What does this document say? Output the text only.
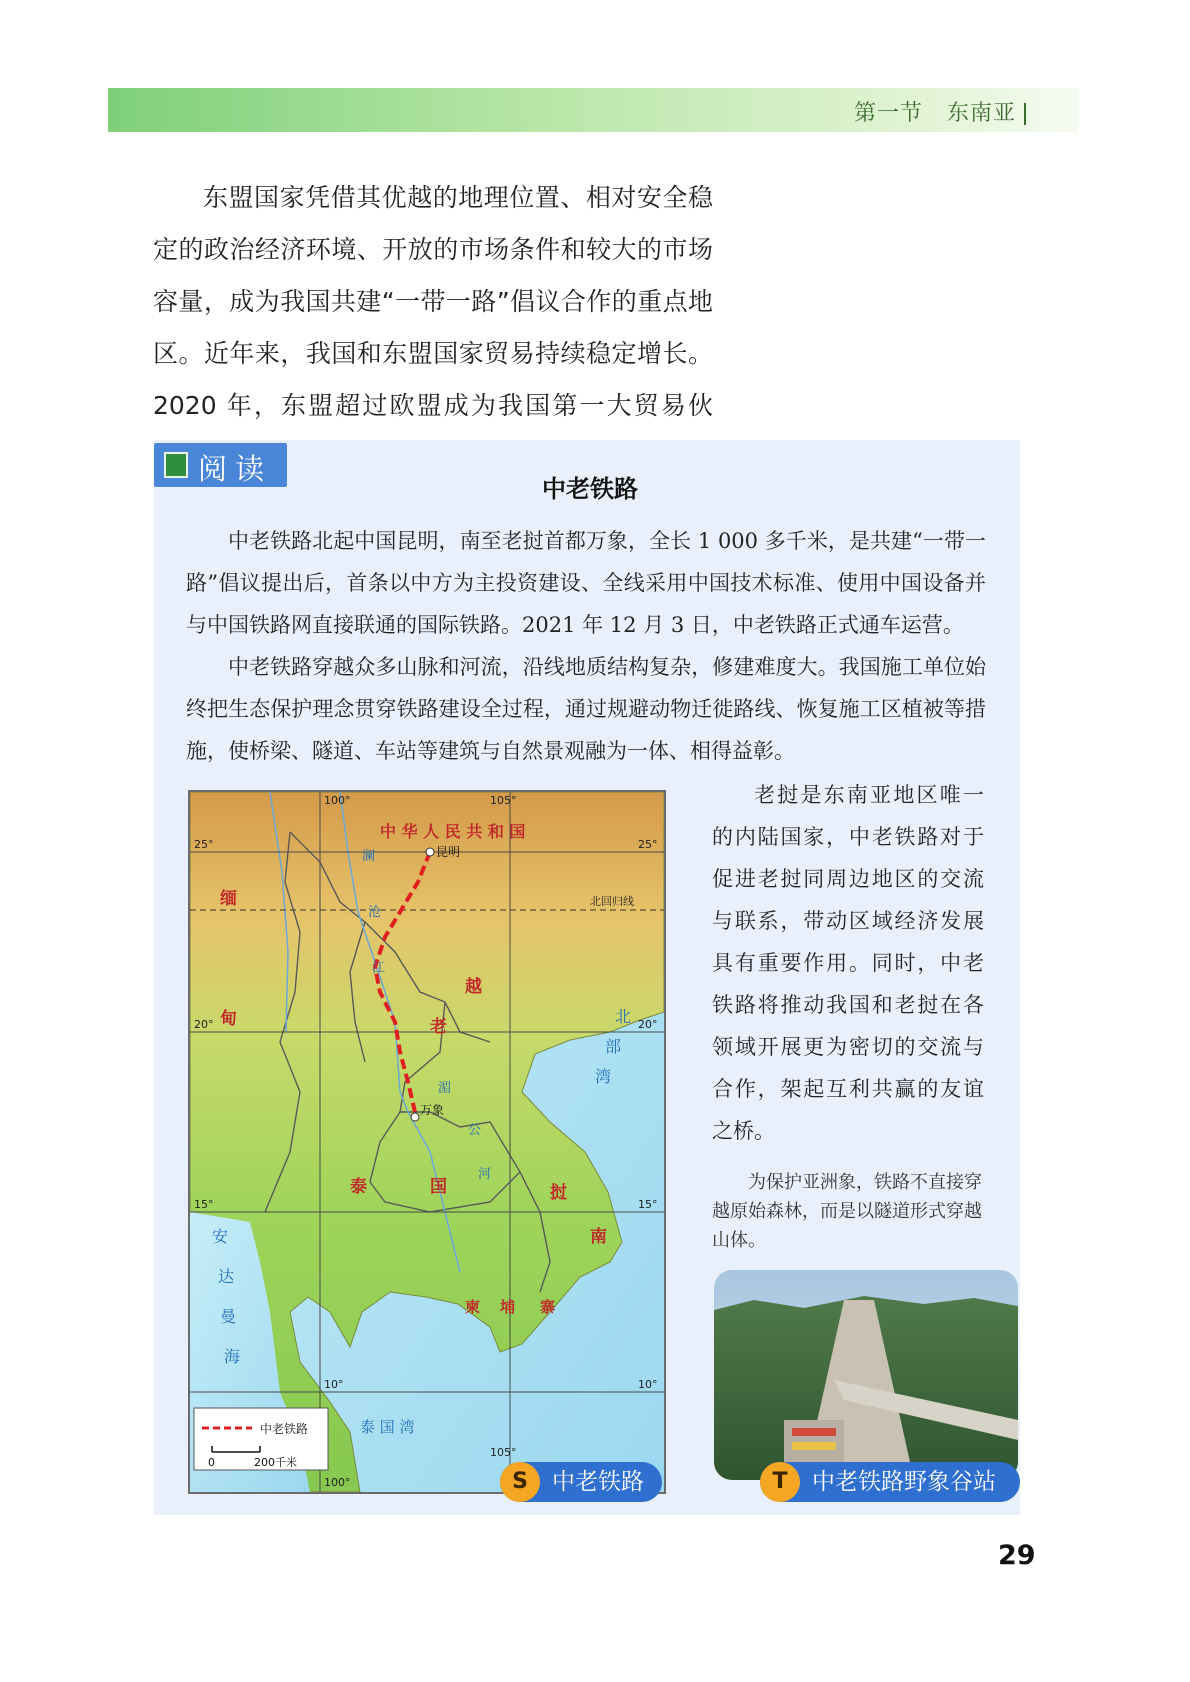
第一节 东南亚

东盟国家凭借其优越的地理位置、相对安全稳定的政治经济环境、开放的市场条件和较大的市场容量，成为我国共建“一带一路”倡议合作的重点地区。近年来，我国和东盟国家贸易持续稳定增长。2020 年，东盟超过欧盟成为我国第一大贸易伙

阅读
中老铁路

中老铁路北起中国昆明，南至老挝首都万象，全长 1 000 多千米，是共建“一带一路”倡议提出后，首条以中方为主投资建设、全线采用中国技术标准、使用中国设备并与中国铁路网直接联通的国际铁路。2021 年 12 月 3 日，中老铁路正式通车运营。

中老铁路穿越众多山脉和河流，沿线地质结构复杂，修建难度大。我国施工单位始终把生态保护理念贯穿铁路建设全过程，通过规避动物迁徙路线、恢复施工区植被等措施，使桥梁、隧道、车站等建筑与自然景观融为一体、相得益彰。

中 华 人 民 共 和 国
昆明
万象
北回归线
缅
甸
越
南
老
挝
泰	国
柬 埔 寨
北
部
湾
安
达
曼
海
泰 国 湾
澜
沧
江
湄
公
河
25°	25°
20°	20°
15°	15°
10°	10°
100°	105°
100°
105°
中老铁路
0	200千米
S	中老铁路

老挝是东南亚地区唯一的内陆国家，中老铁路对于促进老挝同周边地区的交流与联系，带动区域经济发展具有重要作用。同时，中老铁路将推动我国和老挝在各领域开展更为密切的交流与合作，架起互利共赢的友谊之桥。

为保护亚洲象，铁路不直接穿越原始森林，而是以隧道形式穿越山体。
T	中老铁路野象谷站
29
